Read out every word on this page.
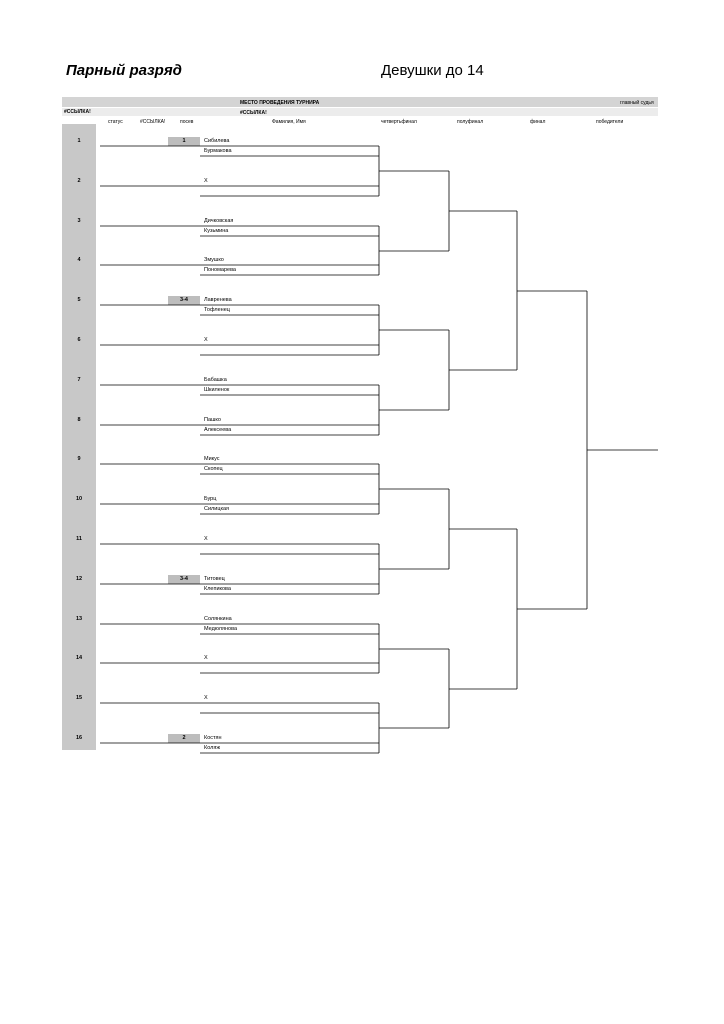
Парный разряд	Девушки до 14
МЕСТО ПРОВЕДЕНИЯ ТУРНИРА	главный судья
#ССЫЛКА!	#ССЫЛКА!
статус	#ССЫЛКА!	посев	Фамилия, Имя	четвертьфинал	полуфинал	финал	победители
1	1	Сибилева
Бурмакова
2	X
3	Дичковская
Кузьмина
4	Змушко
Пономарева
5	3-4	Лавренева
Тофленец
6	X
7	Бабашка
Шкиленок
8	Пашко
Алексеева
9	Микус
Скопец
10	Бурц
Силицкая
11	X
12	3-4	Титовец
Клепикова
13	Солянкина
Медюлянова
14	X
15	X
16	2	Костян
Коляж
